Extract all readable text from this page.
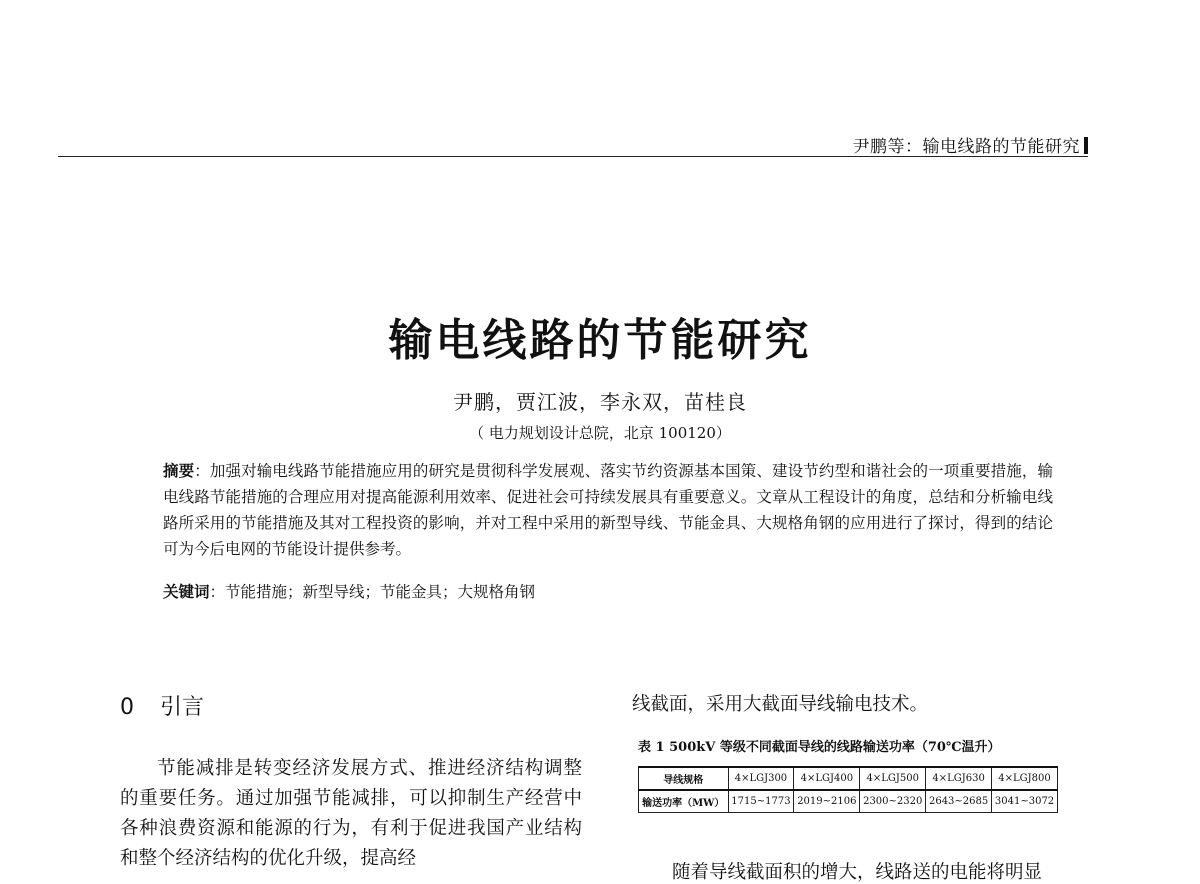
尹鹏等：输电线路的节能研究
输电线路的节能研究
尹鹏，贾江波，李永双，苗桂良
（ 电力规划设计总院，北京 100120）
摘要：加强对输电线路节能措施应用的研究是贯彻科学发展观、落实节约资源基本国策、建设节约型和谐社会的一项重要措施，输电线路节能措施的合理应用对提高能源利用效率、促进社会可持续发展具有重要意义。文章从工程设计的角度，总结和分析输电线路所采用的节能措施及其对工程投资的影响，并对工程中采用的新型导线、节能金具、大规格角钢的应用进行了探讨，得到的结论可为今后电网的节能设计提供参考。
关键词：节能措施；新型导线；节能金具；大规格角钢
0 引言

节能减排是转变经济发展方式、推进经济结构调整的重要任务。通过加强节能减排，可以抑制生产经营中各种浪费资源和能源的行为，有利于促进我国产业结构和整个经济结构的优化升级，提高经

线截面，采用大截面导线输电技术。
表 1 500kV 等级不同截面导线的线路输送功率（70℃温升）
导线规格	4×LGJ300	4×LGJ400	4×LGJ500	4×LGJ630	4×LGJ800
输送功率（MW）	1715~1773	2019~2106	2300~2320	2643~2685	3041~3072
随着导线截面积的增大，线路送的电能将明显
